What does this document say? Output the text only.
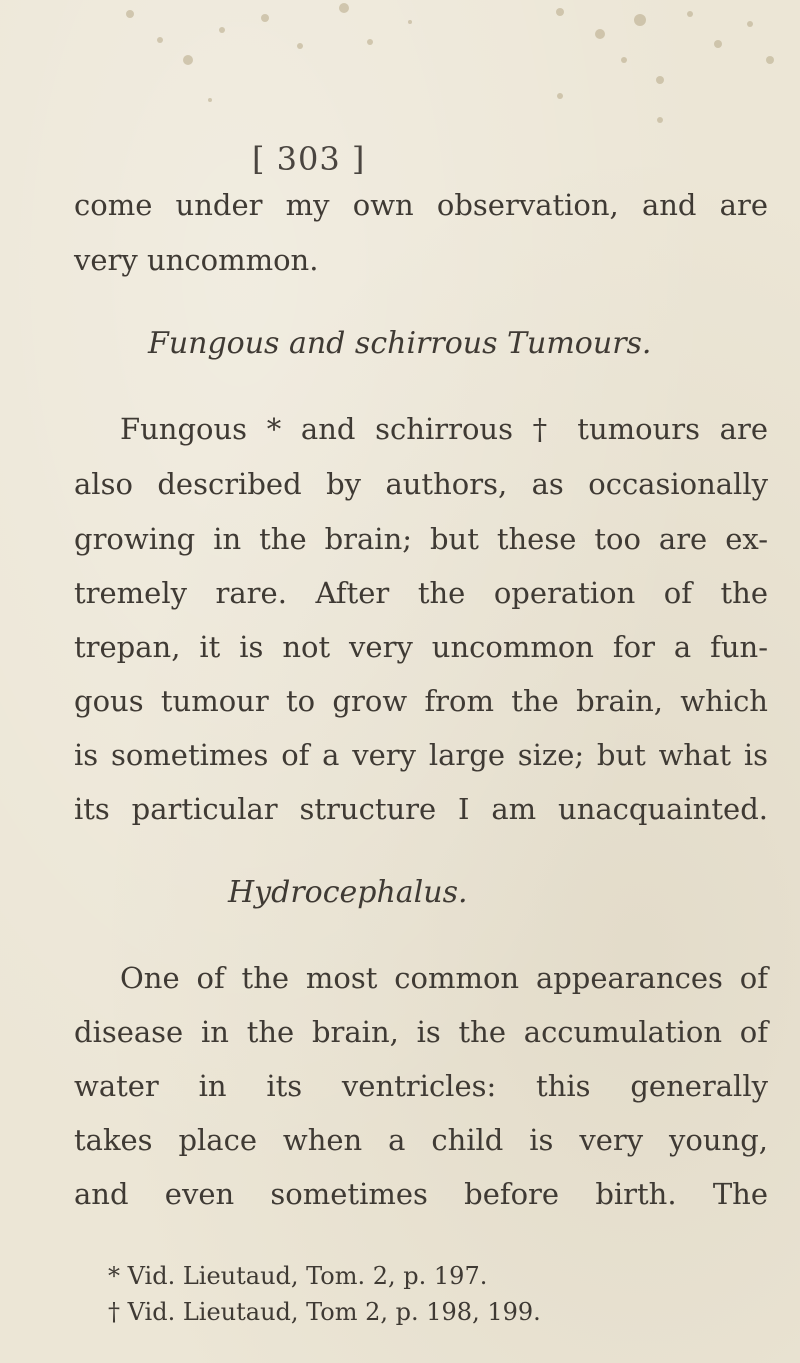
[ 303 ]
come under my own observation, and are
very uncommon.
Fungous and schirrous Tumours.
Fungous * and schirrous † tumours are
also described by authors, as occasionally
growing in the brain; but these too are ex-
tremely rare. After the operation of the
trepan, it is not very uncommon for a fun-
gous tumour to grow from the brain, which
is sometimes of a very large size; but what is
its particular structure I am unacquainted.
Hydrocephalus.
One of the most common appearances of
disease in the brain, is the accumulation of
water in its ventricles: this generally
takes place when a child is very young,
and even sometimes before birth. The
* Vid. Lieutaud, Tom. 2, p. 197.
† Vid. Lieutaud, Tom 2, p. 198, 199.
